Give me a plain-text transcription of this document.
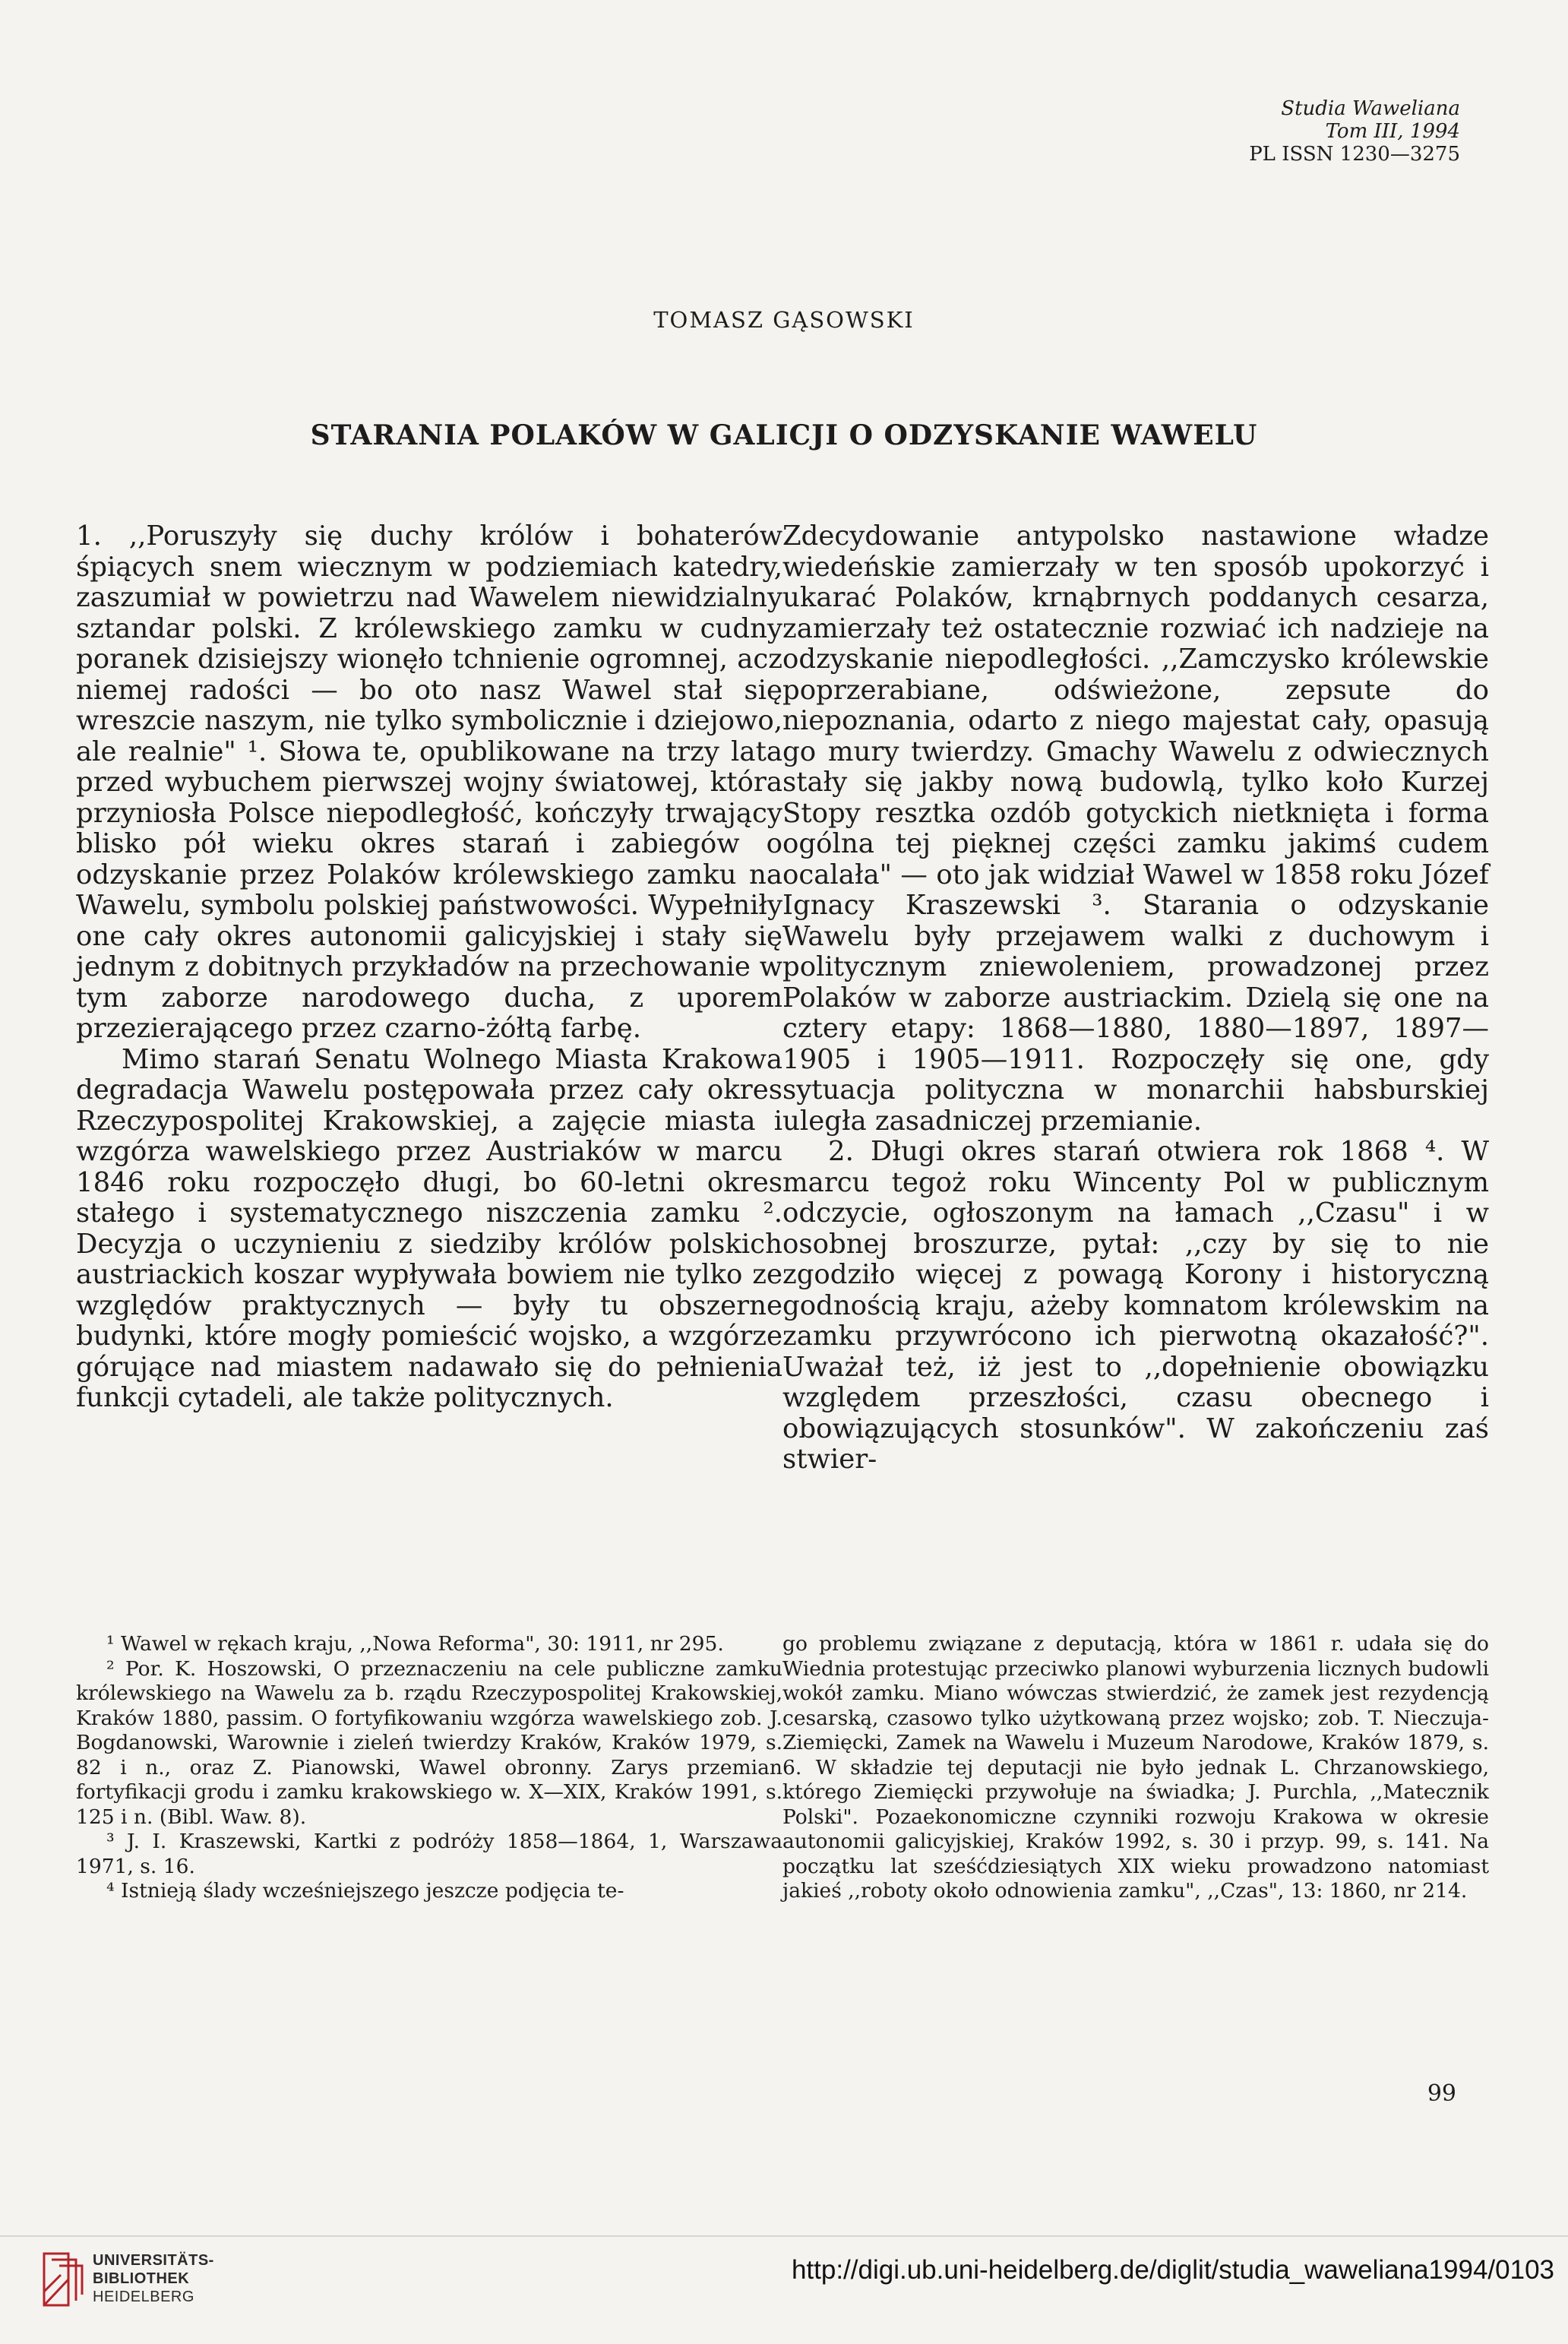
Studia Waweliana
Tom III, 1994
PL ISSN 1230—3275
TOMASZ GĄSOWSKI
STARANIA POLAKÓW W GALICJI O ODZYSKANIE WAWELU

1. ,,Poruszyły się duchy królów i bohaterów śpiących snem wiecznym w podziemiach katedry, zaszumiał w powietrzu nad Wawelem niewidzialny sztandar polski. Z królewskiego zamku w cudny poranek dzisiejszy wionęło tchnienie ogromnej, acz niemej radości — bo oto nasz Wawel stał się wreszcie naszym, nie tylko symbolicznie i dziejowo, ale realnie" ¹. Słowa te, opublikowane na trzy lata przed wybuchem pierwszej wojny światowej, która przyniosła Polsce niepodległość, kończyły trwający blisko pół wieku okres starań i zabiegów o odzyskanie przez Polaków królewskiego zamku na Wawelu, symbolu polskiej państwowości. Wypełniły one cały okres autonomii galicyjskiej i stały się jednym z dobitnych przykładów na przechowanie w tym zaborze narodowego ducha, z uporem przezierającego przez czarno-żółtą farbę.

Mimo starań Senatu Wolnego Miasta Krakowa degradacja Wawelu postępowała przez cały okres Rzeczypospolitej Krakowskiej, a zajęcie miasta i wzgórza wawelskiego przez Austriaków w marcu 1846 roku rozpoczęło długi, bo 60-letni okres stałego i systematycznego niszczenia zamku ². Decyzja o uczynieniu z siedziby królów polskich austriackich koszar wypływała bowiem nie tylko ze względów praktycznych — były tu obszerne budynki, które mogły pomieścić wojsko, a wzgórze górujące nad miastem nadawało się do pełnienia funkcji cytadeli, ale także politycznych.

Zdecydowanie antypolsko nastawione władze wiedeńskie zamierzały w ten sposób upokorzyć i ukarać Polaków, krnąbrnych poddanych cesarza, zamierzały też ostatecznie rozwiać ich nadzieje na odzyskanie niepodległości. ,,Zamczysko królewskie poprzerabiane, odświeżone, zepsute do niepoznania, odarto z niego majestat cały, opasują go mury twierdzy. Gmachy Wawelu z odwiecznych stały się jakby nową budowlą, tylko koło Kurzej Stopy resztka ozdób gotyckich nietknięta i forma ogólna tej pięknej części zamku jakimś cudem ocalała" — oto jak widział Wawel w 1858 roku Józef Ignacy Kraszewski ³. Starania o odzyskanie Wawelu były przejawem walki z duchowym i politycznym zniewoleniem, prowadzonej przez Polaków w zaborze austriackim. Dzielą się one na cztery etapy: 1868—1880, 1880—1897, 1897—1905 i 1905—1911. Rozpoczęły się one, gdy sytuacja polityczna w monarchii habsburskiej uległa zasadniczej przemianie.

2. Długi okres starań otwiera rok 1868 ⁴. W marcu tegoż roku Wincenty Pol w publicznym odczycie, ogłoszonym na łamach ,,Czasu" i w osobnej broszurze, pytał: ,,czy by się to nie zgodziło więcej z powagą Korony i historyczną godnością kraju, ażeby komnatom królewskim na zamku przywrócono ich pierwotną okazałość?". Uważał też, iż jest to ,,dopełnienie obowiązku względem przeszłości, czasu obecnego i obowiązujących stosunków". W zakończeniu zaś stwier-

¹ Wawel w rękach kraju, ,,Nowa Reforma", 30: 1911, nr 295.

² Por. K. Hoszowski, O przeznaczeniu na cele publiczne zamku królewskiego na Wawelu za b. rządu Rzeczypospolitej Krakowskiej, Kraków 1880, passim. O fortyfikowaniu wzgórza wawelskiego zob. J. Bogdanowski, Warownie i zieleń twierdzy Kraków, Kraków 1979, s. 82 i n., oraz Z. Pianowski, Wawel obronny. Zarys przemian fortyfikacji grodu i zamku krakowskiego w. X—XIX, Kraków 1991, s. 125 i n. (Bibl. Waw. 8).

³ J. I. Kraszewski, Kartki z podróży 1858—1864, 1, Warszawa 1971, s. 16.

⁴ Istnieją ślady wcześniejszego jeszcze podjęcia te-

go problemu związane z deputacją, która w 1861 r. udała się do Wiednia protestując przeciwko planowi wyburzenia licznych budowli wokół zamku. Miano wówczas stwierdzić, że zamek jest rezydencją cesarską, czasowo tylko użytkowaną przez wojsko; zob. T. Nieczuja-Ziemięcki, Zamek na Wawelu i Muzeum Narodowe, Kraków 1879, s. 6. W składzie tej deputacji nie było jednak L. Chrzanowskiego, którego Ziemięcki przywołuje na świadka; J. Purchla, ,,Matecznik Polski". Pozaekonomiczne czynniki rozwoju Krakowa w okresie autonomii galicyjskiej, Kraków 1992, s. 30 i przyp. 99, s. 141. Na początku lat sześćdziesiątych XIX wieku prowadzono natomiast jakieś ,,roboty około odnowienia zamku", ,,Czas", 13: 1860, nr 214.

99
UNIVERSITÄTS-
BIBLIOTHEK
HEIDELBERG
http://digi.ub.uni-heidelberg.de/diglit/studia_waweliana1994/0103
